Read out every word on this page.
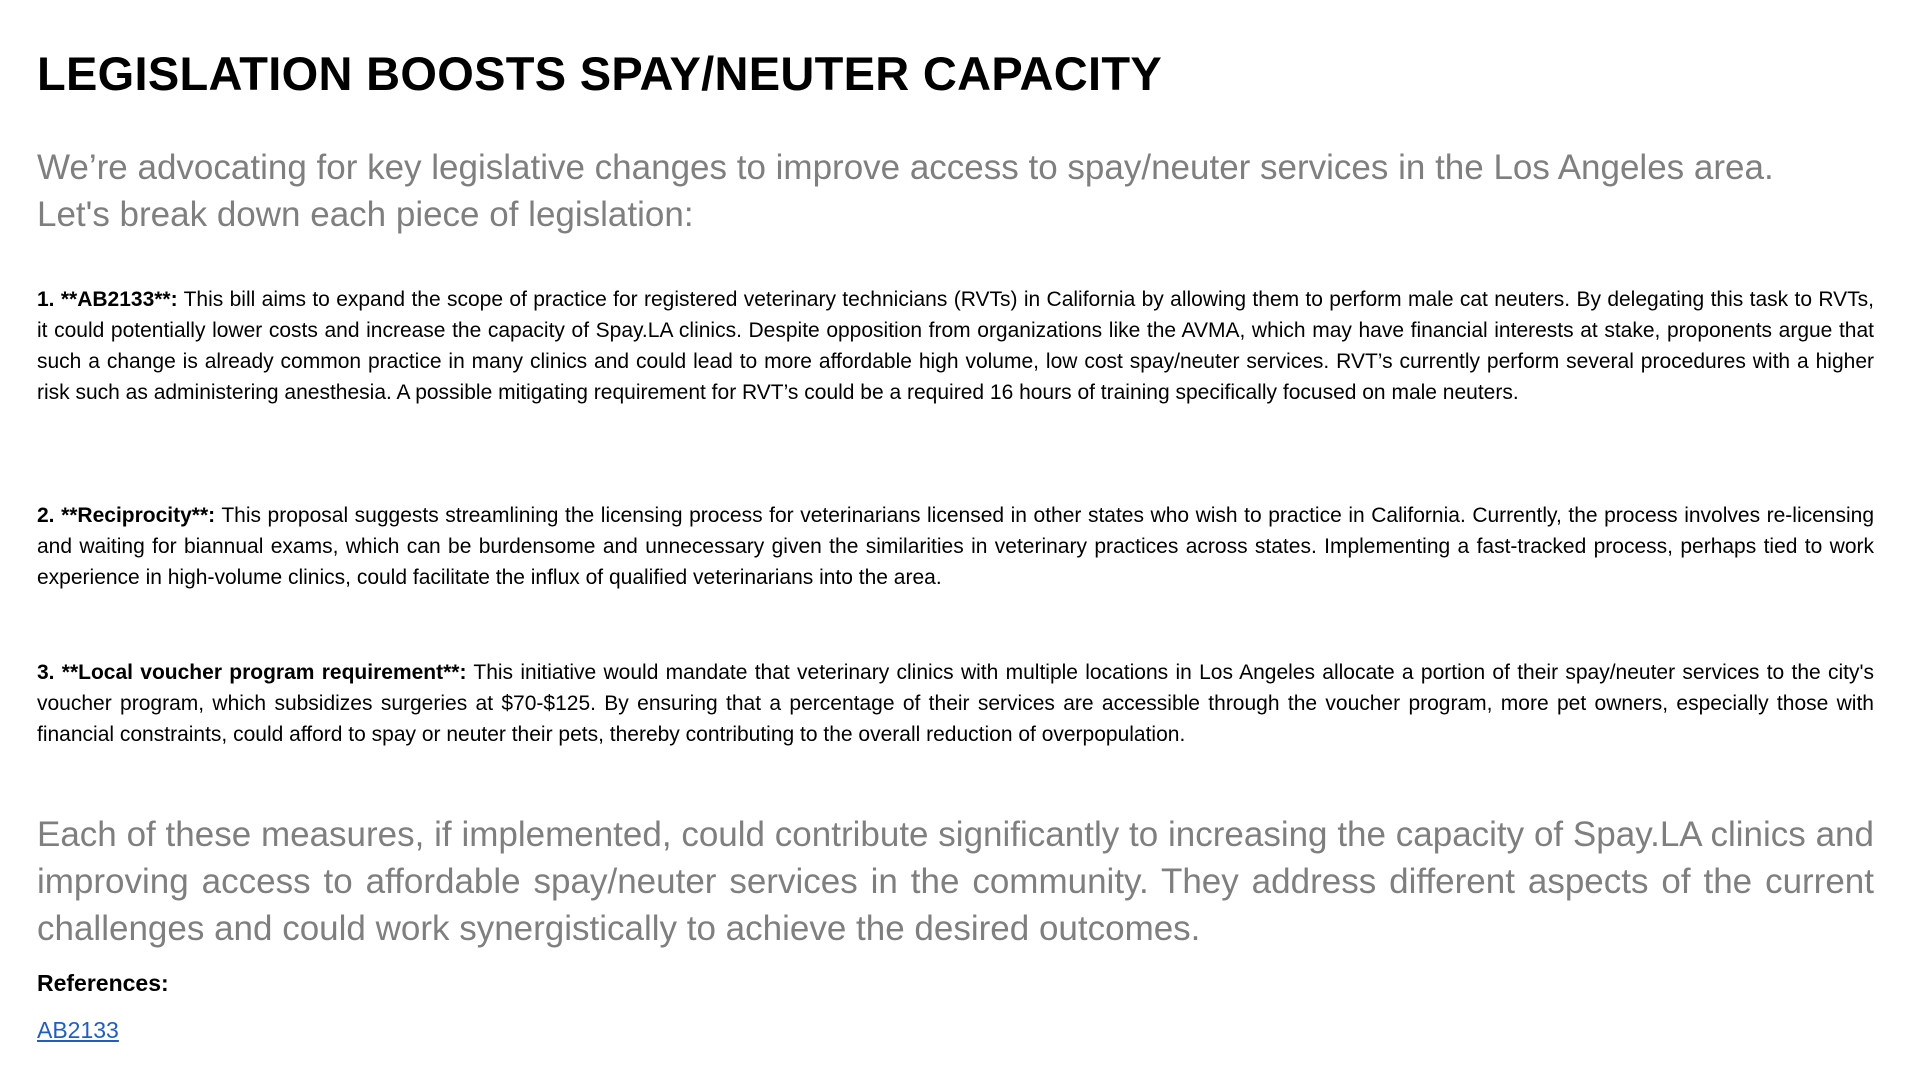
LEGISLATION BOOSTS SPAY/NEUTER CAPACITY

We’re advocating for key legislative changes to improve access to spay/neuter services in the Los Angeles area. Let's break down each piece of legislation:

1. **AB2133**: This bill aims to expand the scope of practice for registered veterinary technicians (RVTs) in California by allowing them to perform male cat neuters. By delegating this task to RVTs, it could potentially lower costs and increase the capacity of Spay.LA clinics. Despite opposition from organizations like the AVMA, which may have financial interests at stake, proponents argue that such a change is already common practice in many clinics and could lead to more affordable high volume, low cost spay/neuter services. RVT’s currently perform several procedures with a higher risk such as administering anesthesia. A possible mitigating requirement for RVT’s could be a required 16 hours of training specifically focused on male neuters.

2. **Reciprocity**: This proposal suggests streamlining the licensing process for veterinarians licensed in other states who wish to practice in California. Currently, the process involves re-licensing and waiting for biannual exams, which can be burdensome and unnecessary given the similarities in veterinary practices across states. Implementing a fast-tracked process, perhaps tied to work experience in high-volume clinics, could facilitate the influx of qualified veterinarians into the area.

3. **Local voucher program requirement**: This initiative would mandate that veterinary clinics with multiple locations in Los Angeles allocate a portion of their spay/neuter services to the city's voucher program, which subsidizes surgeries at $70-$125. By ensuring that a percentage of their services are accessible through the voucher program, more pet owners, especially those with financial constraints, could afford to spay or neuter their pets, thereby contributing to the overall reduction of overpopulation.

Each of these measures, if implemented, could contribute significantly to increasing the capacity of Spay.LA clinics and improving access to affordable spay/neuter services in the community. They address different aspects of the current challenges and could work synergistically to achieve the desired outcomes.

References:

AB2133
